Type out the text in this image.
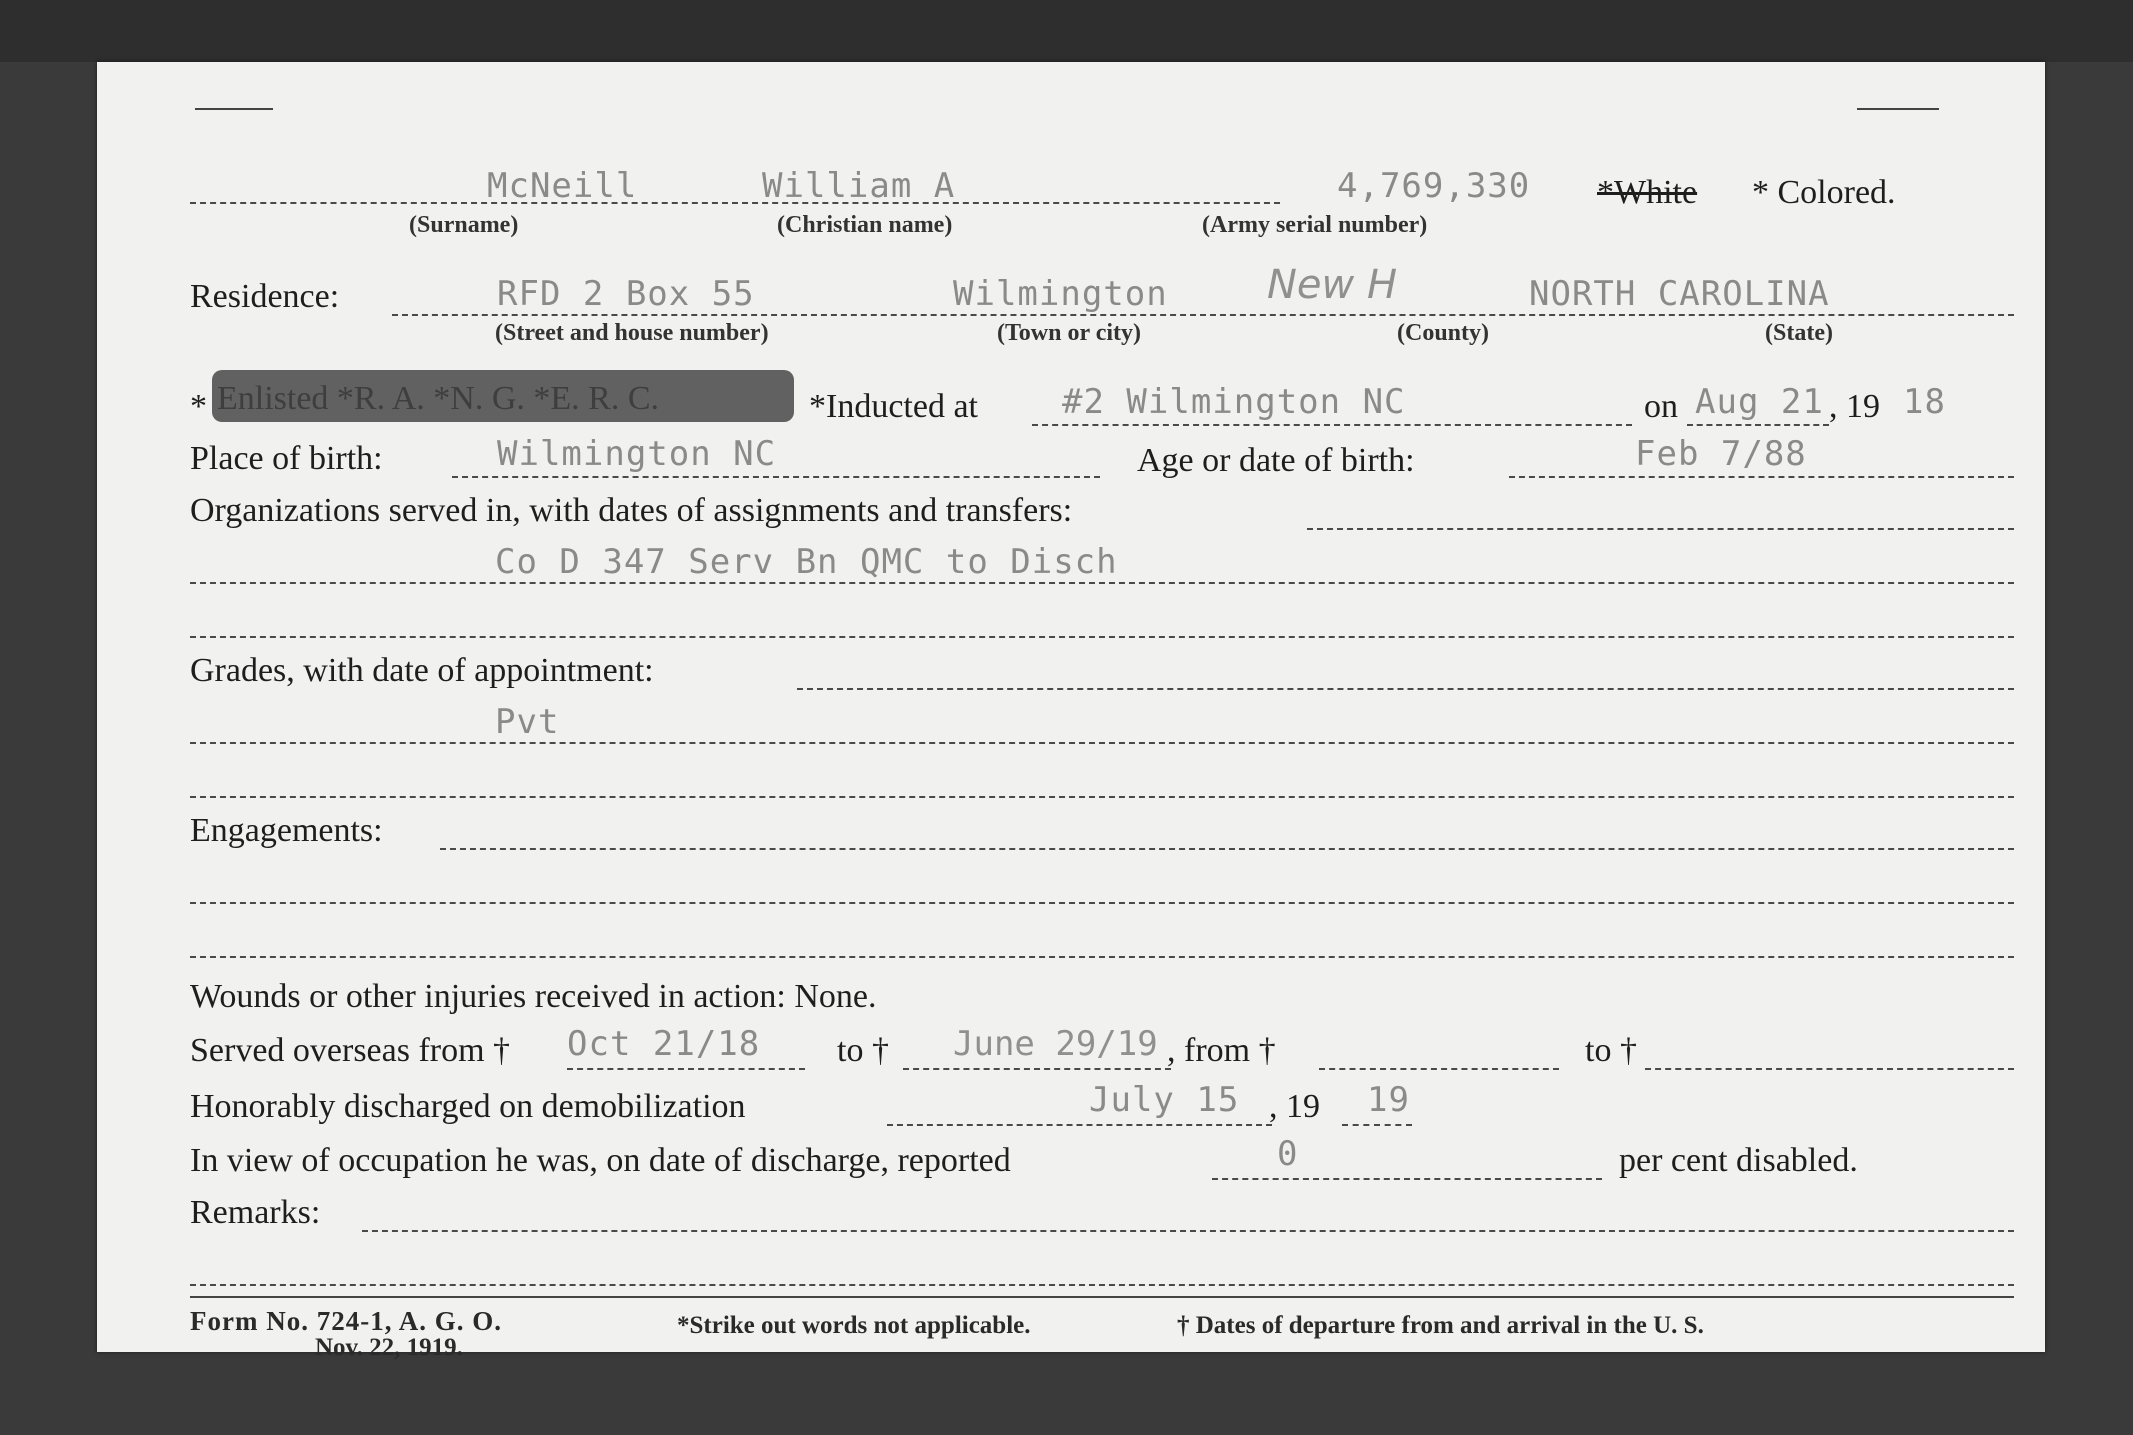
McNeill	William A	4,769,330 *White * Colored.
(Surname)	(Christian name)	(Army serial number)
Residence:	RFD 2 Box 55	Wilmington New H	NORTH CAROLINA
(Street and house number)	(Town or city)	(County)	(State)
* Enlisted *R. A. *N. G. *E. R. C.	*Inducted at #2 Wilmington NC	on Aug 21 , 19 18
Place of birth:	Wilmington NC	Age or date of birth:	Feb 7/88
Organizations served in, with dates of assignments and transfers:
Co D 347 Serv Bn QMC to Disch
Grades, with date of appointment:
Pvt
Engagements:
Wounds or other injuries received in action: None.
Served overseas from † Oct 21/18 to † June 29/19 , from †	to †
Honorably discharged on demobilization	July 15 , 19 19
In view of occupation he was, on date of discharge, reported	0	per cent disabled.
Remarks:
Form No. 724-1, A. G. O.
Nov. 22, 1919.
*Strike out words not applicable.	† Dates of departure from and arrival in the U. S.
